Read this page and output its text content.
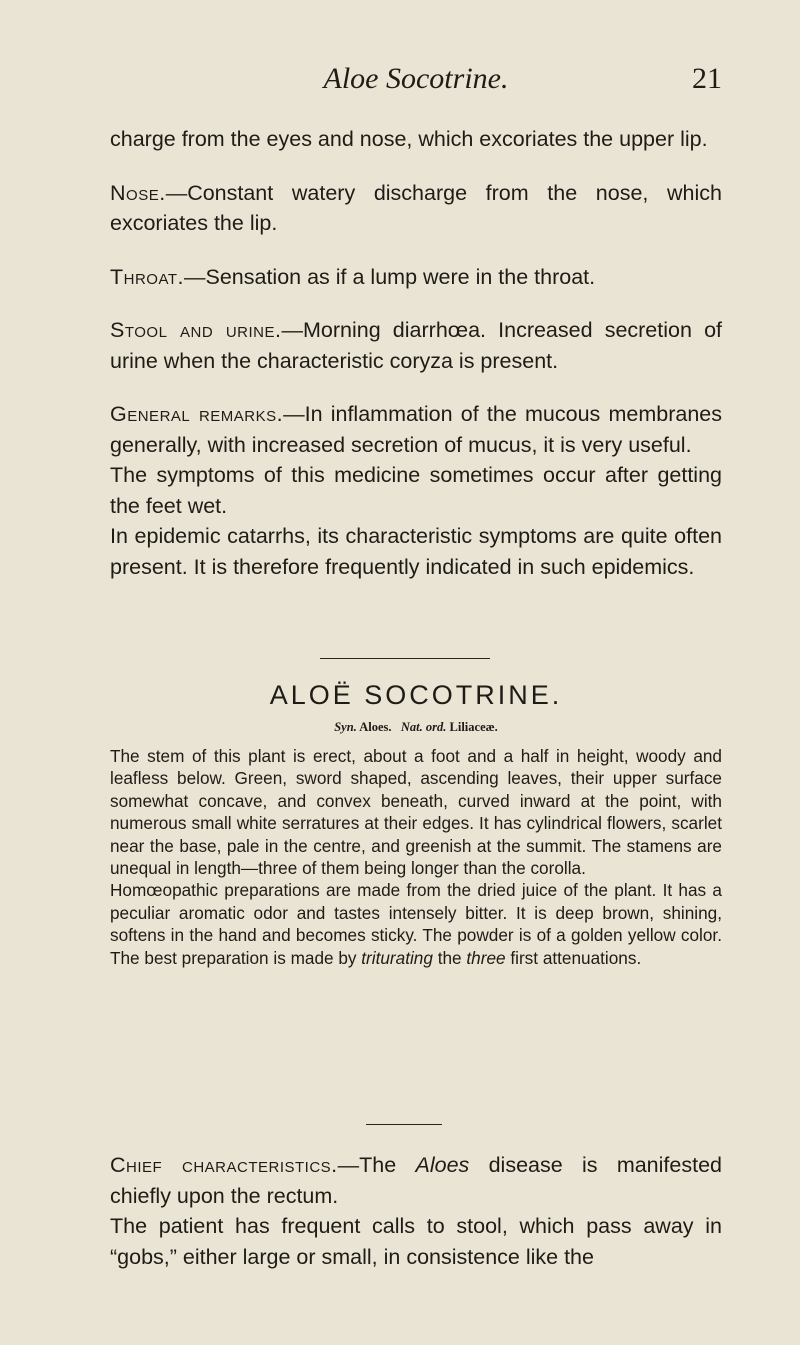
Aloe Socotrine.	21

charge from the eyes and nose, which excoriates the upper lip.

Nose.—Constant watery discharge from the nose, which excoriates the lip.

Throat.—Sensation as if a lump were in the throat.

Stool and urine.—Morning diarrhœa. Increased secretion of urine when the characteristic coryza is present.

General remarks.—In inflammation of the mucous membranes generally, with increased secretion of mucus, it is very useful.

The symptoms of this medicine sometimes occur after getting the feet wet.

In epidemic catarrhs, its characteristic symptoms are quite often present. It is therefore frequently indicated in such epidemics.

ALOË SOCOTRINE.
Syn. Aloes. Nat. ord. Liliaceæ.

The stem of this plant is erect, about a foot and a half in height, woody and leafless below. Green, sword shaped, ascending leaves, their upper surface somewhat concave, and convex beneath, curved inward at the point, with numerous small white serratures at their edges. It has cylindrical flowers, scarlet near the base, pale in the centre, and greenish at the summit. The stamens are unequal in length—three of them being longer than the corolla.

Homœopathic preparations are made from the dried juice of the plant. It has a peculiar aromatic odor and tastes intensely bitter. It is deep brown, shining, softens in the hand and becomes sticky. The powder is of a golden yellow color. The best preparation is made by triturating the three first attenuations.

Chief characteristics.—The Aloes disease is manifested chiefly upon the rectum.

The patient has frequent calls to stool, which pass away in “gobs,” either large or small, in consistence like the
